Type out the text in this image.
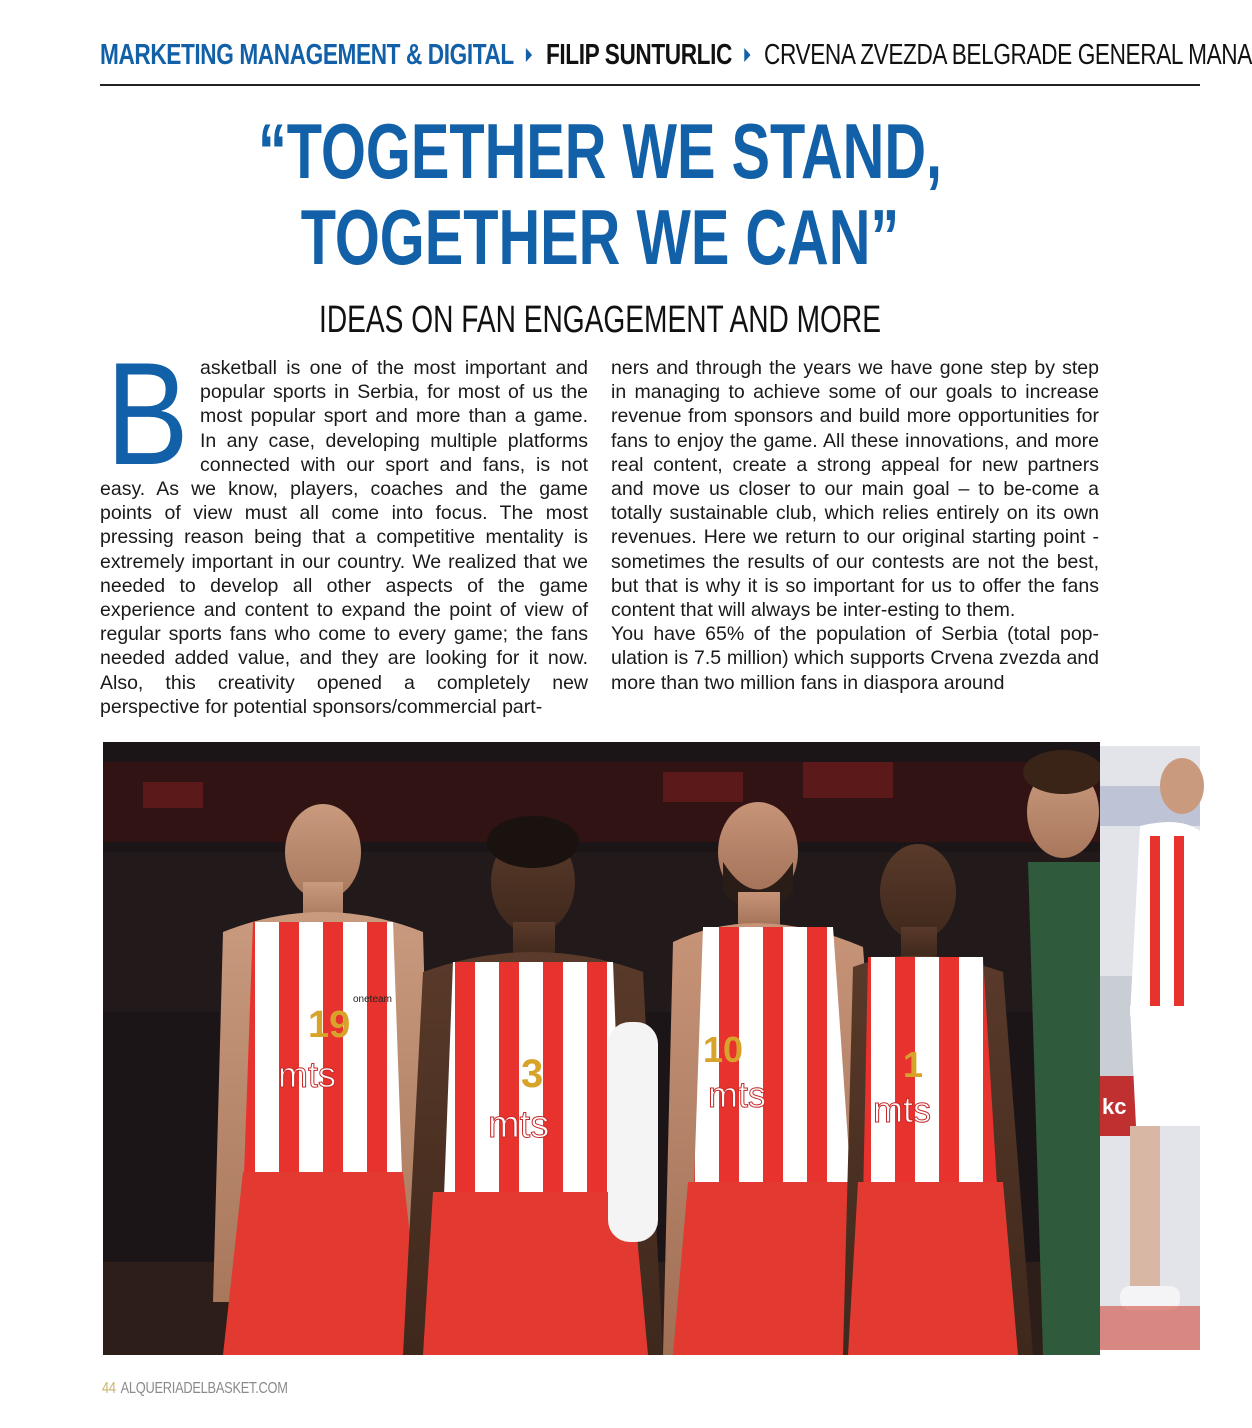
MARKETING MANAGEMENT & DIGITAL FILIP SUNTURLIC CRVENA ZVEZDA BELGRADE GENERAL MANA
“TOGETHER WE STAND,
TOGETHER WE CAN”
IDEAS ON FAN ENGAGEMENT AND MORE
B asketball is one of the most important and popular sports in Serbia, for most of us the most popular sport and more than a game. In any case, developing multiple platforms connected with our sport and fans, is not easy. As we know, players, coaches and the game points of view must all come into focus. The most pressing reason being that a competitive mentality is extremely important in our country. We realized that we needed to develop all other aspects of the game experience and content to expand the point of view of regular sports fans who come to every game; the fans needed added value, and they are looking for it now. Also, this creativity opened a completely new perspective for potential sponsors/commercial part-

ners and through the years we have gone step by step in managing to achieve some of our goals to increase revenue from sponsors and build more opportunities for fans to enjoy the game. All these innovations, and more real content, create a strong appeal for new partners and move us closer to our main goal – to be-come a totally sustainable club, which relies entirely on its own revenues. Here we return to our original starting point - sometimes the results of our contests are not the best, but that is why it is so important for us to offer the fans content that will always be inter-esting to them.

You have 65% of the population of Serbia (total pop-ulation is 7.5 million) which supports Crvena zvezda and more than two million fans in diaspora around

19
mts
oneteam
3
mts
10
mts
1
mts	kc
44 ALQUERIADELBASKET.COM
